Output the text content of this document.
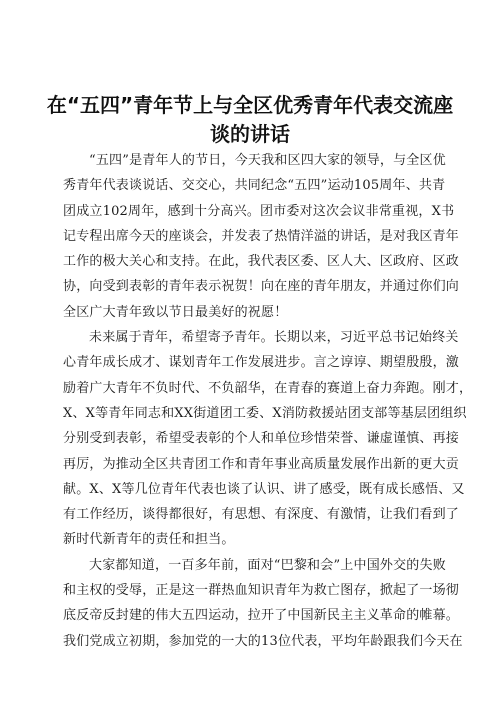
在“五四”青年节上与全区优秀青年代表交流座
谈的讲话
“五四”是青年人的节日，今天我和区四大家的领导，与全区优
秀青年代表谈说话、交交心，共同纪念“五四”运动105周年、共青
团成立102周年，感到十分高兴。团市委对这次会议非常重视，X书
记专程出席今天的座谈会，并发表了热情洋溢的讲话，是对我区青年
工作的极大关心和支持。在此，我代表区委、区人大、区政府、区政
协，向受到表彰的青年表示祝贺！向在座的青年朋友，并通过你们向
全区广大青年致以节日最美好的祝愿！
未来属于青年，希望寄予青年。长期以来，习近平总书记始终关
心青年成长成才、谋划青年工作发展进步。言之谆谆、期望殷殷，激
励着广大青年不负时代、不负韶华，在青春的赛道上奋力奔跑。刚才，
X、X等青年同志和XX街道团工委、X消防救援站团支部等基层团组织
分别受到表彰，希望受表彰的个人和单位珍惜荣誉、谦虚谨慎、再接
再厉，为推动全区共青团工作和青年事业高质量发展作出新的更大贡
献。X、X等几位青年代表也谈了认识、讲了感受，既有成长感悟、又
有工作经历，谈得都很好，有思想、有深度、有激情，让我们看到了
新时代新青年的责任和担当。
大家都知道，一百多年前，面对“巴黎和会”上中国外交的失败
和主权的受辱，正是这一群热血知识青年为救亡图存，掀起了一场彻
底反帝反封建的伟大五四运动，拉开了中国新民主主义革命的帷幕。
我们党成立初期，参加党的一大的13位代表，平均年龄跟我们今天在
